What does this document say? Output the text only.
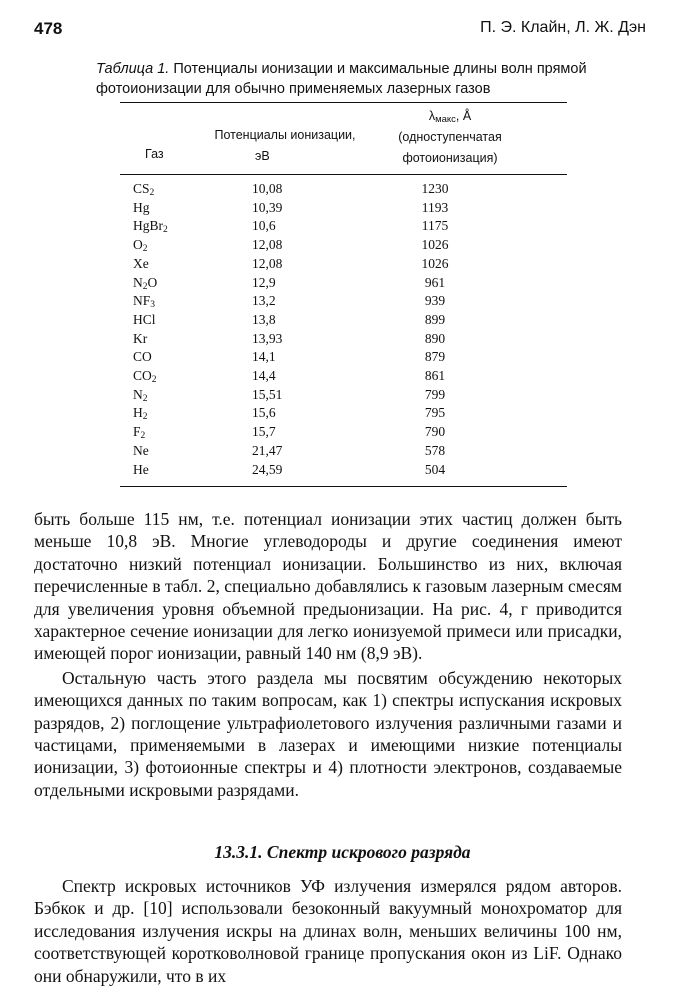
478	П. Э. Клайн, Л. Ж. Дэн
Таблица 1. Потенциалы ионизации и максимальные длины волн прямой фотоионизации для обычно применяемых лазерных газов
Газ
Потенциалы ионизации,
эВ
$\lambda_{макс}$, Å
(одноступенчатая
фотоионизация)
$CS_2$	10,08	1230
Hg	10,39	1193
HgBr$_2$	10,6	1175
$O_2$	12,08	1026
Xe	12,08	1026
$N_2O$	12,9	961
$NF_3$	13,2	939
HCl	13,8	899
Kr	13,93	890
CO	14,1	879
$CO_2$	14,4	861
$N_2$	15,51	799
$H_2$	15,6	795
$F_2$	15,7	790
Ne	21,47	578
He	24,59	504

быть больше 115 нм, т.е. потенциал ионизации этих частиц должен быть меньше 10,8 эВ. Многие углеводороды и другие соединения имеют достаточно низкий потенциал ионизации. Большинство из них, включая перечисленные в табл. 2, специально добавлялись к газовым лазерным смесям для увеличения уровня объемной предыонизации. На рис. 4, г приводится характерное сечение ионизации для легко ионизуемой примеси или присадки, имеющей порог ионизации, равный 140 нм (8,9 эВ).

Остальную часть этого раздела мы посвятим обсуждению некоторых имеющихся данных по таким вопросам, как 1) спектры испускания искровых разрядов, 2) поглощение ультрафиолетового излучения различными газами и частицами, применяемыми в лазерах и имеющими низкие потенциалы ионизации, 3) фотоионные спектры и 4) плотности электронов, создаваемые отдельными искровыми разрядами.

13.3.1. Спектр искрового разряда

Спектр искровых источников УФ излучения измерялся рядом авторов. Бэбкок и др. [10] использовали безоконный вакуумный монохроматор для исследования излучения искры на длинах волн, меньших величины 100 нм, соответствующей коротковолновой границе пропускания окон из LiF. Однако они обнаружили, что в их
